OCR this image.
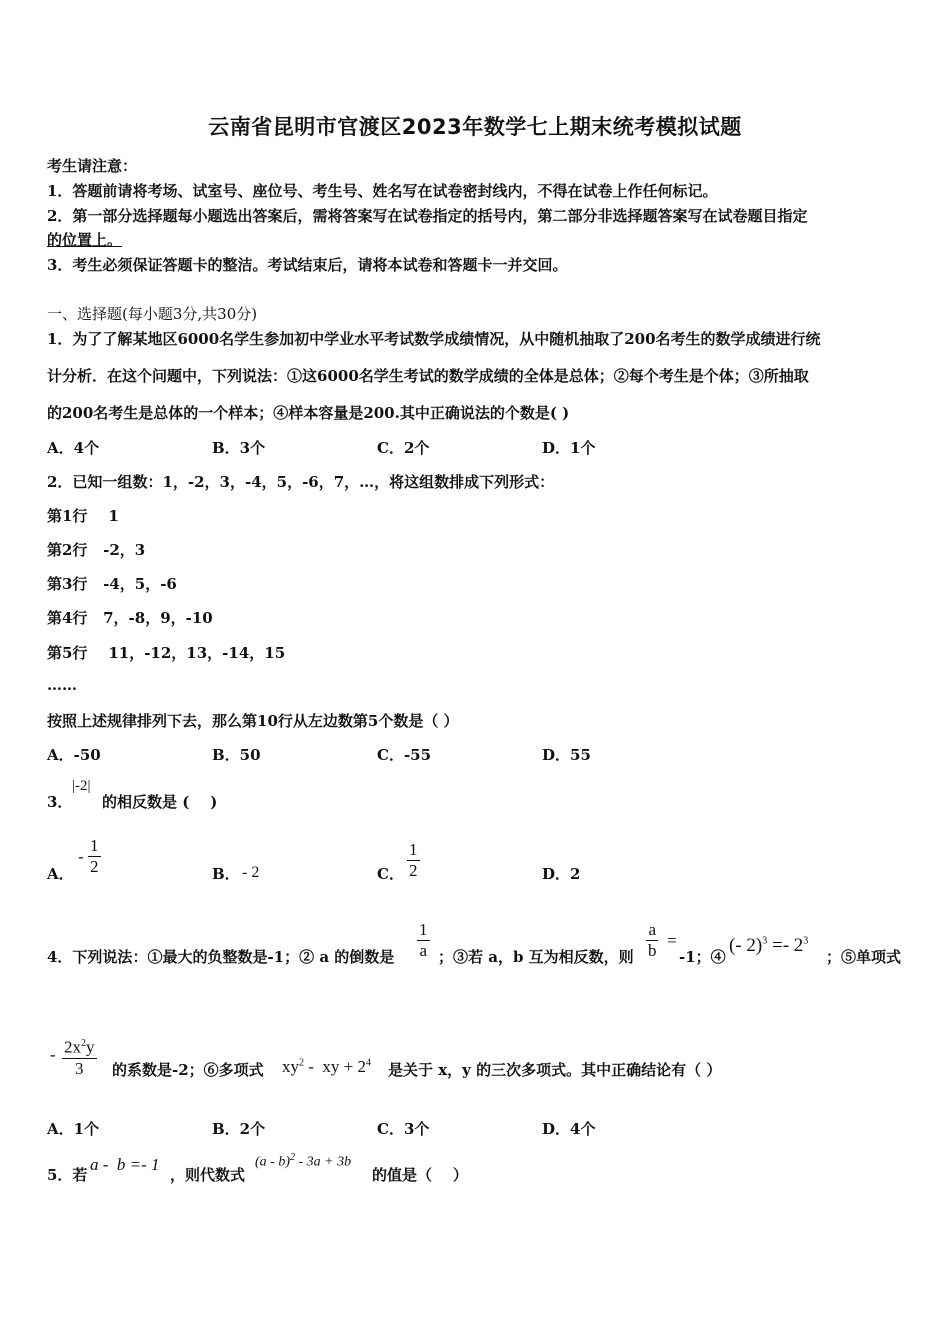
云南省昆明市官渡区2023年数学七上期末统考模拟试题
考生请注意：
1．答题前请将考场、试室号、座位号、考生号、姓名写在试卷密封线内，不得在试卷上作任何标记。
2．第一部分选择题每小题选出答案后，需将答案写在试卷指定的括号内，第二部分非选择题答案写在试卷题目指定
的位置上。
3．考生必须保证答题卡的整洁。考试结束后，请将本试卷和答题卡一并交回。
一、选择题(每小题3分,共30分)
1．为了了解某地区6000名学生参加初中学业水平考试数学成绩情况，从中随机抽取了200名考生的数学成绩进行统
计分析．在这个问题中，下列说法：①这6000名学生考试的数学成绩的全体是总体；②每个考生是个体；③所抽取
的200名考生是总体的一个样本；④样本容量是200.其中正确说法的个数是( )
A．4个	B．3个	C．2个	D．1个
2．已知一组数：1，-2，3，-4，5，-6，7，…，将这组数排成下列形式：
第1行    1
第2行   -2，3
第3行   -4，5，-6
第4行   7，-8，9，-10
第5行    11，-12，13，-14，15
……
按照上述规律排列下去，那么第10行从左边数第5个数是（ ）
A．-50	B．50	C．-55	D．55
3．
|-2|
的相反数是 (    )
A．
- $\frac{1}{2}$	B． - 2	C． $\frac{1}{2}$	D．2
4．下列说法：①最大的负整数是-1；② a 的倒数是 $\frac{1}{a}$ ；③若 a，b 互为相反数，则 $\frac{a}{b}$ =
-1；④
(- $2)^3 =- 2^3$
；⑤单项式
- $\frac{2x^2y}{3}$ 的系数是-2；⑥多项式 $xy^2$ -  xy + $2^4$ 是关于 x，y 的三次多项式。其中正确结论有（ ）
A．1个	B．2个	C．3个	D．4个
5．若
a -  b =- 1
，则代数式
(a - b)$^2$ - 3a + 3b
的值是（    ）
